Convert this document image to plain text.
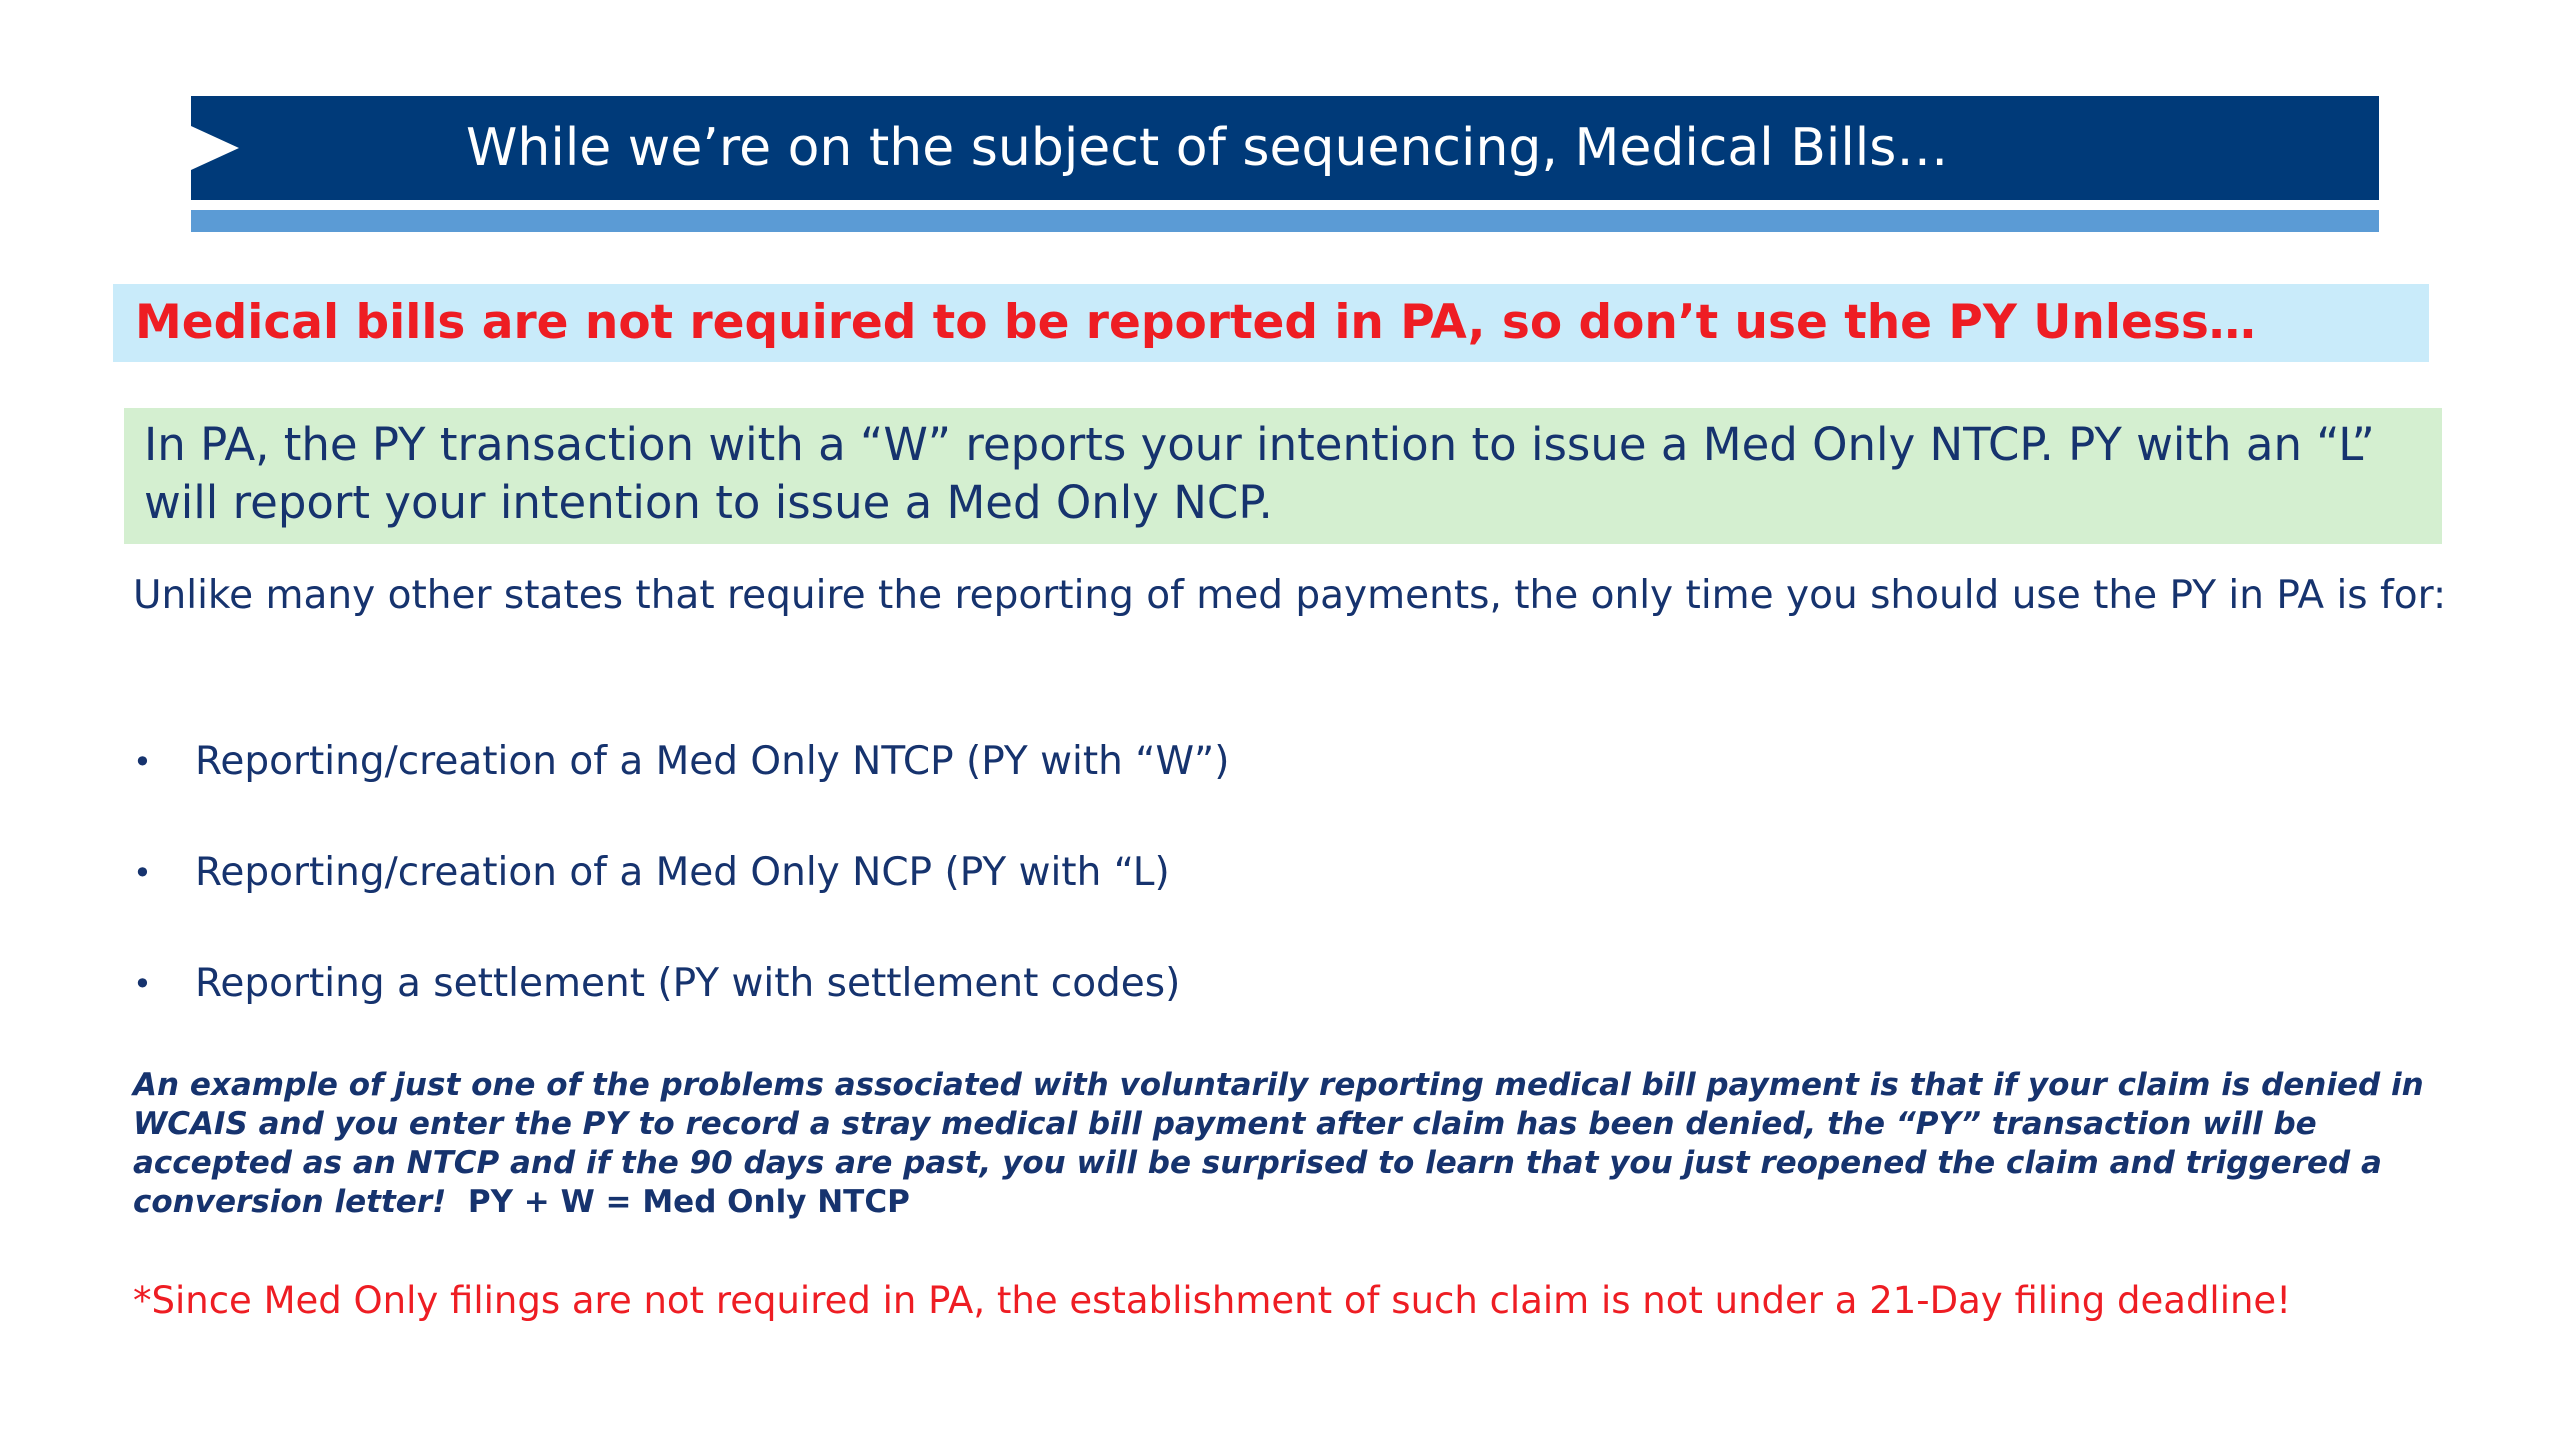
While we’re on the subject of sequencing, Medical Bills…
Medical bills are not required to be reported in PA, so don’t use the PY Unless…

In PA, the PY transaction with a “W” reports your intention to issue a Med Only NTCP. PY with an “L” will report your intention to issue a Med Only NCP.

Unlike many other states that require the reporting of med payments, the only time you should use the PY in PA is for:

• Reporting/creation of a Med Only NTCP (PY with “W”)
• Reporting/creation of a Med Only NCP (PY with “L)
• Reporting a settlement (PY with settlement codes)

An example of just one of the problems associated with voluntarily reporting medical bill payment is that if your claim is denied in WCAIS and you enter the PY to record a stray medical bill payment after claim has been denied, the “PY” transaction will be accepted as an NTCP and if the 90 days are past, you will be surprised to learn that you just reopened the claim and triggered a conversion letter! PY + W = Med Only NTCP

*Since Med Only filings are not required in PA, the establishment of such claim is not under a 21-Day filing deadline!
